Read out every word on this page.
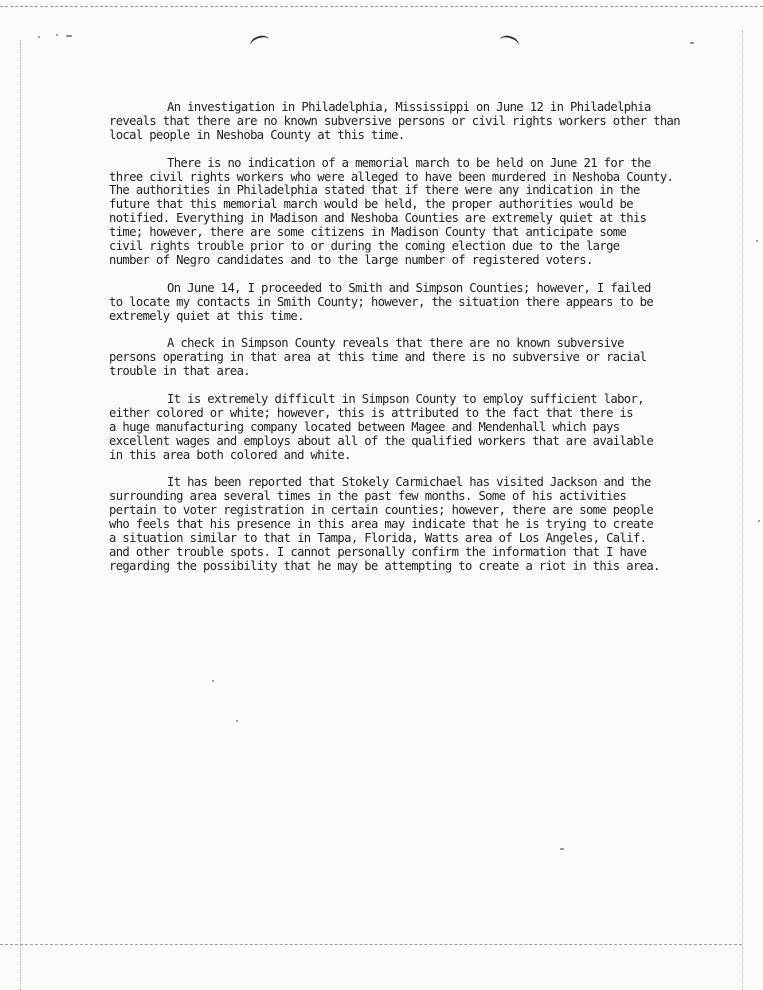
An investigation in Philadelphia, Mississippi on June 12 in Philadelphia
reveals that there are no known subversive persons or civil rights workers other than
local people in Neshoba County at this time.

There is no indication of a memorial march to be held on June 21 for the
three civil rights workers who were alleged to have been murdered in Neshoba County.
The authorities in Philadelphia stated that if there were any indication in the
future that this memorial march would be held, the proper authorities would be
notified. Everything in Madison and Neshoba Counties are extremely quiet at this
time; however, there are some citizens in Madison County that anticipate some
civil rights trouble prior to or during the coming election due to the large
number of Negro candidates and to the large number of registered voters.

On June 14, I proceeded to Smith and Simpson Counties; however, I failed
to locate my contacts in Smith County; however, the situation there appears to be
extremely quiet at this time.

A check in Simpson County reveals that there are no known subversive
persons operating in that area at this time and there is no subversive or racial
trouble in that area.

It is extremely difficult in Simpson County to employ sufficient labor,
either colored or white; however, this is attributed to the fact that there is
a huge manufacturing company located between Magee and Mendenhall which pays
excellent wages and employs about all of the qualified workers that are available
in this area both colored and white.

It has been reported that Stokely Carmichael has visited Jackson and the
surrounding area several times in the past few months. Some of his activities
pertain to voter registration in certain counties; however, there are some people
who feels that his presence in this area may indicate that he is trying to create
a situation similar to that in Tampa, Florida, Watts area of Los Angeles, Calif.
and other trouble spots. I cannot personally confirm the information that I have
regarding the possibility that he may be attempting to create a riot in this area.
